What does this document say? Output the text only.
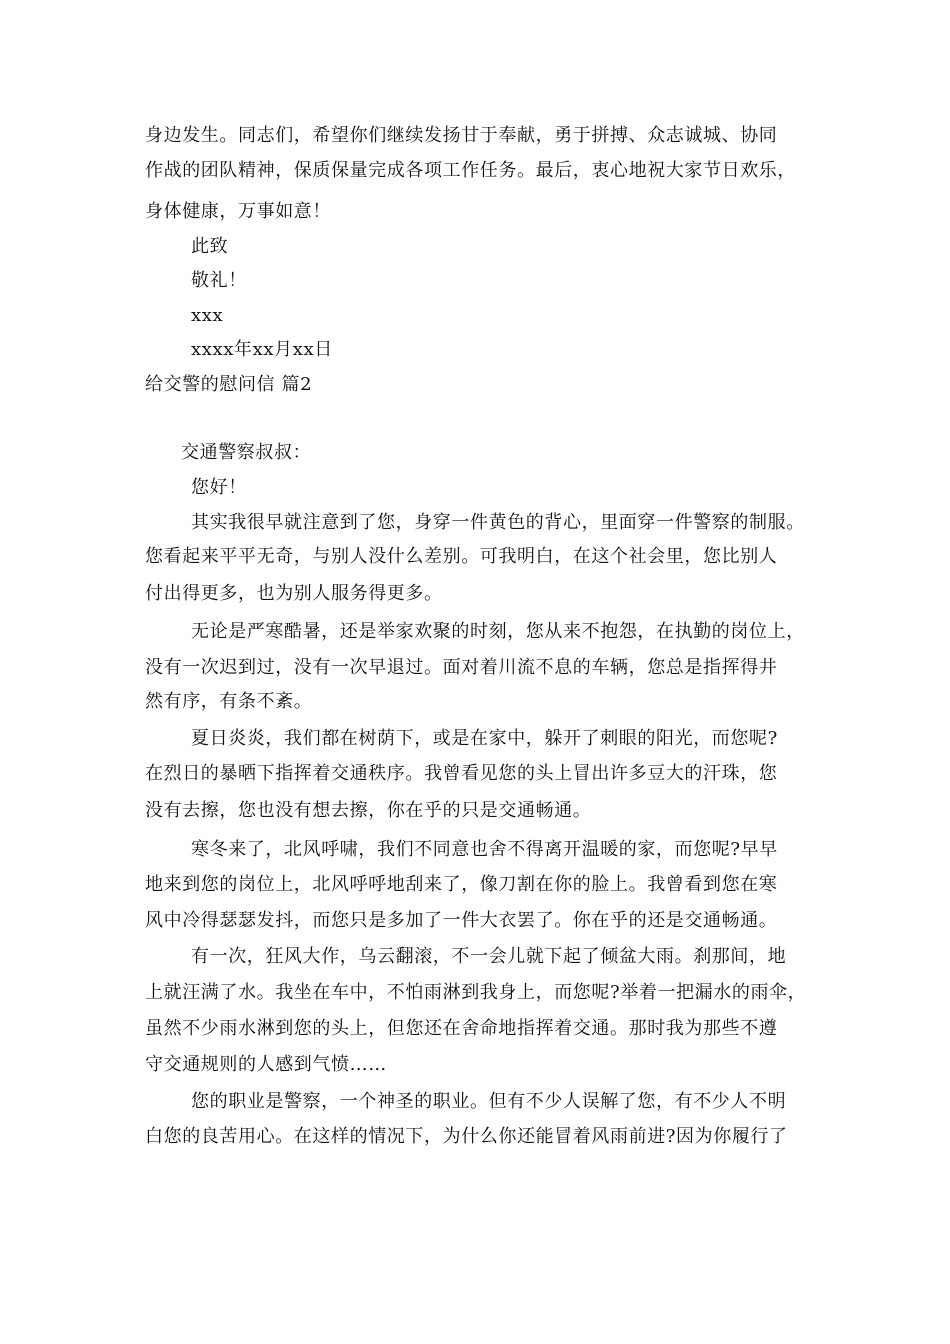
身边发生。同志们，希望你们继续发扬甘于奉献，勇于拼搏、众志诚城、协同
作战的团队精神，保质保量完成各项工作任务。最后，衷心地祝大家节日欢乐，
身体健康，万事如意！
此致
敬礼！
xxx
xxxx年xx月xx日
给交警的慰问信 篇2
交通警察叔叔：
您好！
其实我很早就注意到了您，身穿一件黄色的背心，里面穿一件警察的制服。
您看起来平平无奇，与别人没什么差别。可我明白，在这个社会里，您比别人
付出得更多，也为别人服务得更多。
无论是严寒酷暑，还是举家欢聚的时刻，您从来不抱怨，在执勤的岗位上，
没有一次迟到过，没有一次早退过。面对着川流不息的车辆，您总是指挥得井
然有序，有条不紊。
夏日炎炎，我们都在树荫下，或是在家中，躲开了刺眼的阳光，而您呢?
在烈日的暴晒下指挥着交通秩序。我曾看见您的头上冒出许多豆大的汗珠，您
没有去擦，您也没有想去擦，你在乎的只是交通畅通。
寒冬来了，北风呼啸，我们不同意也舍不得离开温暖的家，而您呢?早早
地来到您的岗位上，北风呼呼地刮来了，像刀割在你的脸上。我曾看到您在寒
风中冷得瑟瑟发抖，而您只是多加了一件大衣罢了。你在乎的还是交通畅通。
有一次，狂风大作，乌云翻滚，不一会儿就下起了倾盆大雨。刹那间，地
上就汪满了水。我坐在车中，不怕雨淋到我身上，而您呢?举着一把漏水的雨伞，
虽然不少雨水淋到您的头上，但您还在舍命地指挥着交通。那时我为那些不遵
守交通规则的人感到气愤……
您的职业是警察，一个神圣的职业。但有不少人误解了您，有不少人不明
白您的良苦用心。在这样的情况下，为什么你还能冒着风雨前进?因为你履行了
